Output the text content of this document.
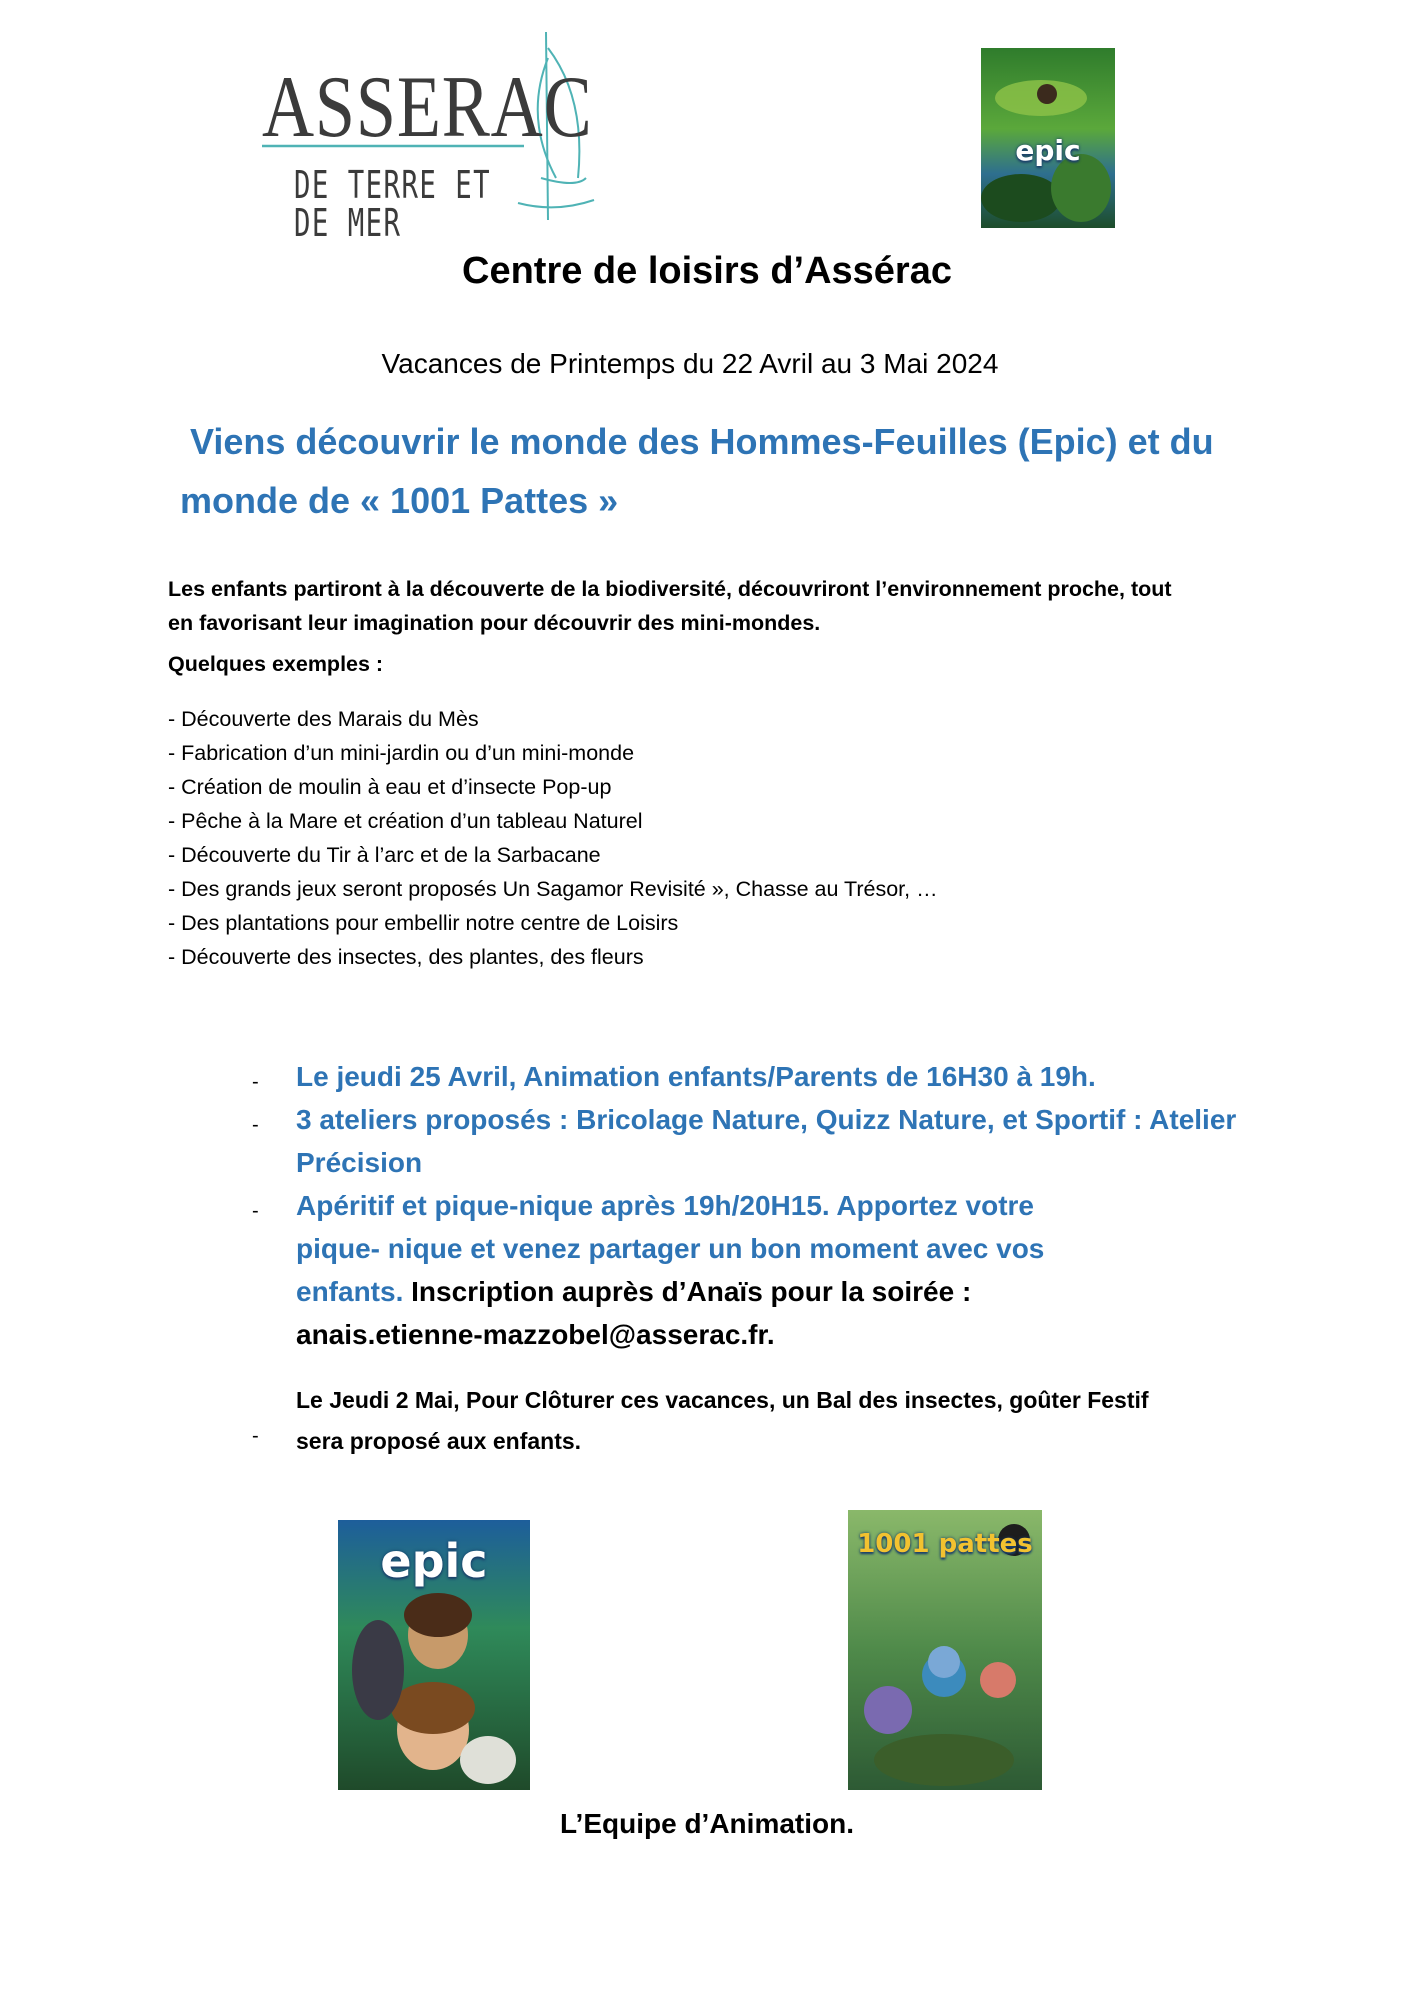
ASSERAC
DE TERRE ET DE MER
epic
Centre de loisirs d’Assérac
Vacances de Printemps du 22 Avril au 3 Mai 2024
Viens découvrir le monde des Hommes-Feuilles (Epic) et du
monde de « 1001 Pattes »
Les enfants partiront à la découverte de la biodiversité, découvriront l’environnement proche, tout
en favorisant leur imagination pour découvrir des mini-mondes.
Quelques exemples :
- Découverte des Marais du Mès
- Fabrication d’un mini-jardin ou d’un mini-monde
- Création de moulin à eau et d’insecte Pop-up
- Pêche à la Mare et création d’un tableau Naturel
- Découverte du Tir à l’arc et de la Sarbacane
- Des grands jeux seront proposés Un Sagamor Revisité », Chasse au Trésor, …
- Des plantations pour embellir notre centre de Loisirs
- Découverte des insectes, des plantes, des fleurs
- Le jeudi 25 Avril, Animation enfants/Parents de 16H30 à 19h.
- 3 ateliers proposés : Bricolage Nature, Quizz Nature, et Sportif : Atelier Précision
- Apéritif et pique-nique après 19h/20H15. Apportez votre pique- nique et venez partager un bon moment avec vos enfants. Inscription auprès d’Anaïs pour la soirée : anais.etienne-mazzobel@asserac.fr.
-
Le Jeudi 2 Mai, Pour Clôturer ces vacances, un Bal des insectes, goûter Festif
sera proposé aux enfants.
epic	1001 pattes
L’Equipe d’Animation.
